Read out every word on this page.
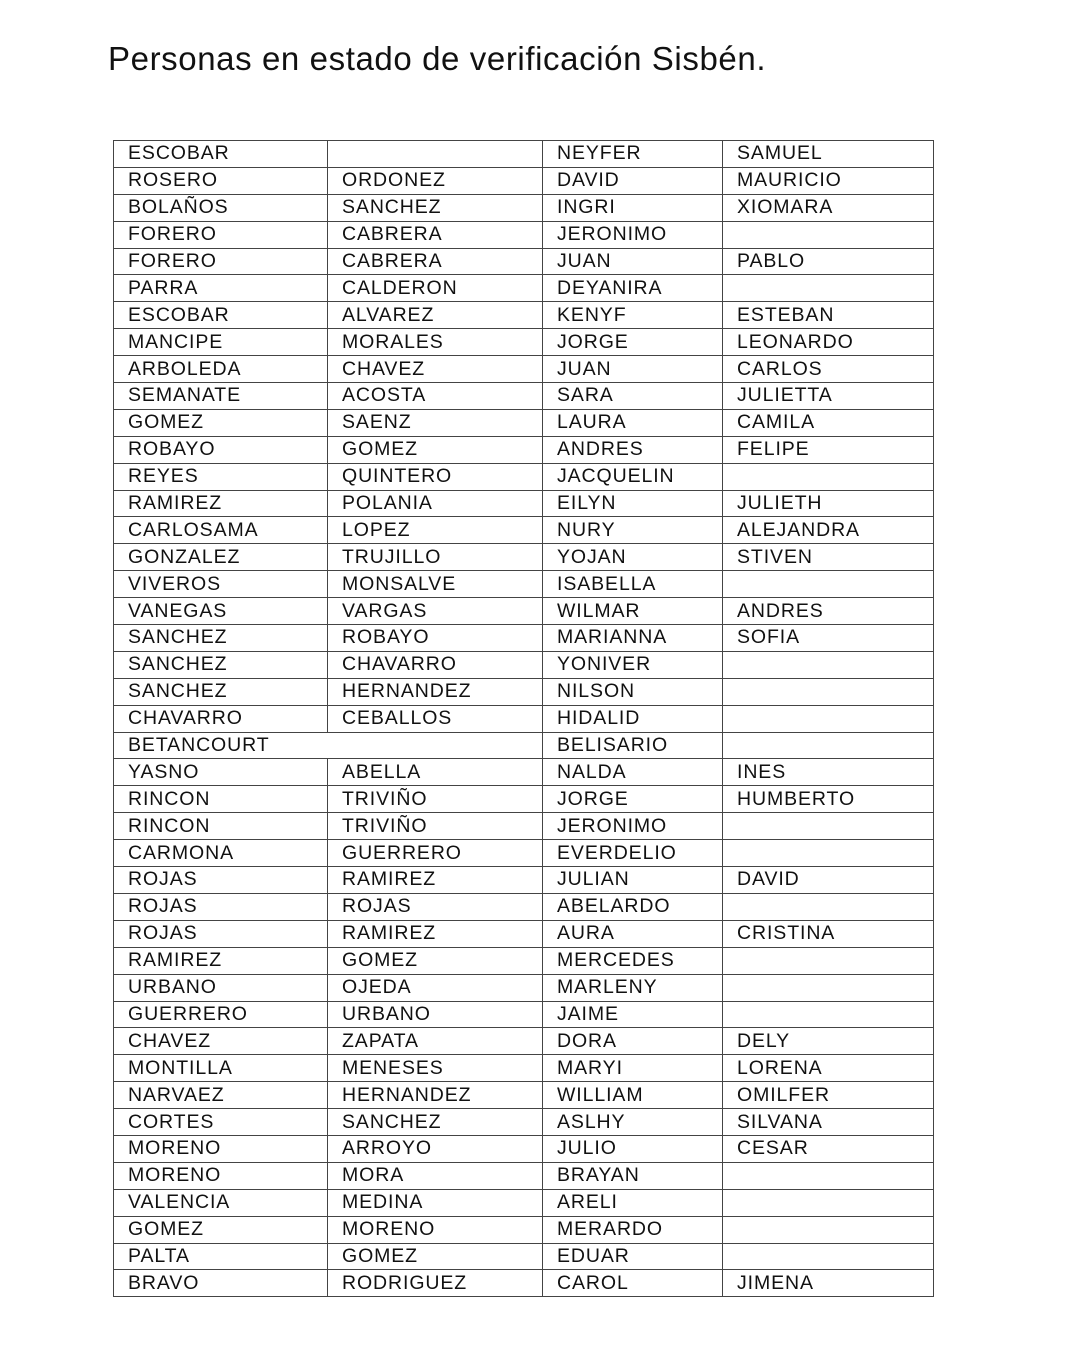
Personas en estado de verificación Sisbén.
ESCOBAR		NEYFER	SAMUEL
ROSERO	ORDONEZ	DAVID	MAURICIO
BOLAÑOS	SANCHEZ	INGRI	XIOMARA
FORERO	CABRERA	JERONIMO	
FORERO	CABRERA	JUAN	PABLO
PARRA	CALDERON	DEYANIRA	
ESCOBAR	ALVAREZ	KENYF	ESTEBAN
MANCIPE	MORALES	JORGE	LEONARDO
ARBOLEDA	CHAVEZ	JUAN	CARLOS
SEMANATE	ACOSTA	SARA	JULIETTA
GOMEZ	SAENZ	LAURA	CAMILA
ROBAYO	GOMEZ	ANDRES	FELIPE
REYES	QUINTERO	JACQUELIN	
RAMIREZ	POLANIA	EILYN	JULIETH
CARLOSAMA	LOPEZ	NURY	ALEJANDRA
GONZALEZ	TRUJILLO	YOJAN	STIVEN
VIVEROS	MONSALVE	ISABELLA	
VANEGAS	VARGAS	WILMAR	ANDRES
SANCHEZ	ROBAYO	MARIANNA	SOFIA
SANCHEZ	CHAVARRO	YONIVER	
SANCHEZ	HERNANDEZ	NILSON	
CHAVARRO	CEBALLOS	HIDALID	
BETANCOURT		BELISARIO	
YASNO	ABELLA	NALDA	INES
RINCON	TRIVIÑO	JORGE	HUMBERTO
RINCON	TRIVIÑO	JERONIMO	
CARMONA	GUERRERO	EVERDELIO	
ROJAS	RAMIREZ	JULIAN	DAVID
ROJAS	ROJAS	ABELARDO	
ROJAS	RAMIREZ	AURA	CRISTINA
RAMIREZ	GOMEZ	MERCEDES	
URBANO	OJEDA	MARLENY	
GUERRERO	URBANO	JAIME	
CHAVEZ	ZAPATA	DORA	DELY
MONTILLA	MENESES	MARYI	LORENA
NARVAEZ	HERNANDEZ	WILLIAM	OMILFER
CORTES	SANCHEZ	ASLHY	SILVANA
MORENO	ARROYO	JULIO	CESAR
MORENO	MORA	BRAYAN	
VALENCIA	MEDINA	ARELI	
GOMEZ	MORENO	MERARDO	
PALTA	GOMEZ	EDUAR	
BRAVO	RODRIGUEZ	CAROL	JIMENA
